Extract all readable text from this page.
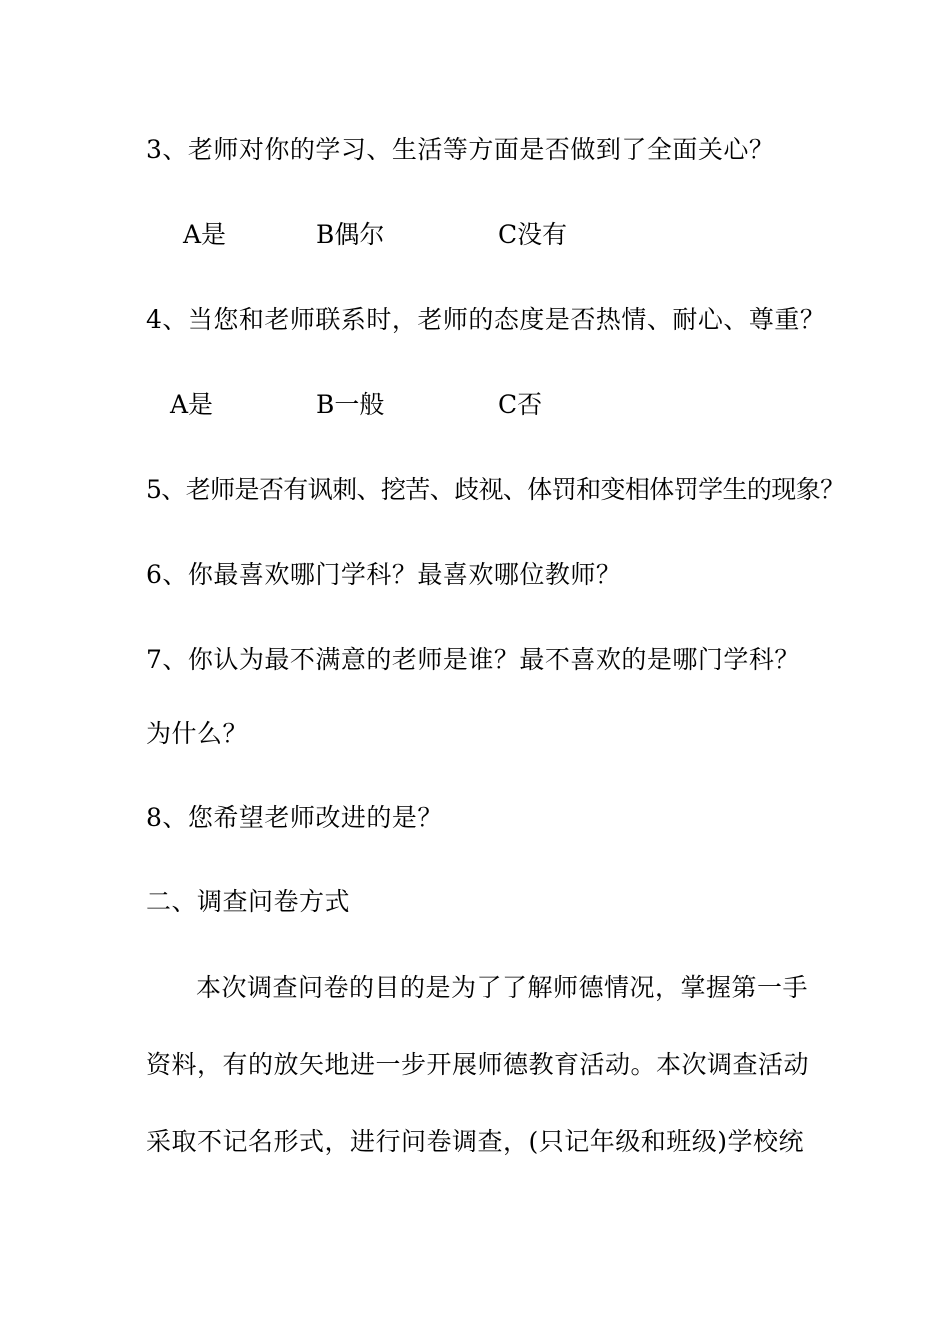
3、老师对你的学习、生活等方面是否做到了全面关心？
A是	B偶尔	C没有
4、当您和老师联系时，老师的态度是否热情、耐心、尊重？
A是	B一般	C否
5、老师是否有讽刺、挖苦、歧视、体罚和变相体罚学生的现象？
6、你最喜欢哪门学科？最喜欢哪位教师？
7、你认为最不满意的老师是谁？最不喜欢的是哪门学科？
为什么？
8、您希望老师改进的是？
二、调查问卷方式
本次调查问卷的目的是为了了解师德情况，掌握第一手
资料，有的放矢地进一步开展师德教育活动。本次调查活动
采取不记名形式，进行问卷调查，(只记年级和班级)学校统
